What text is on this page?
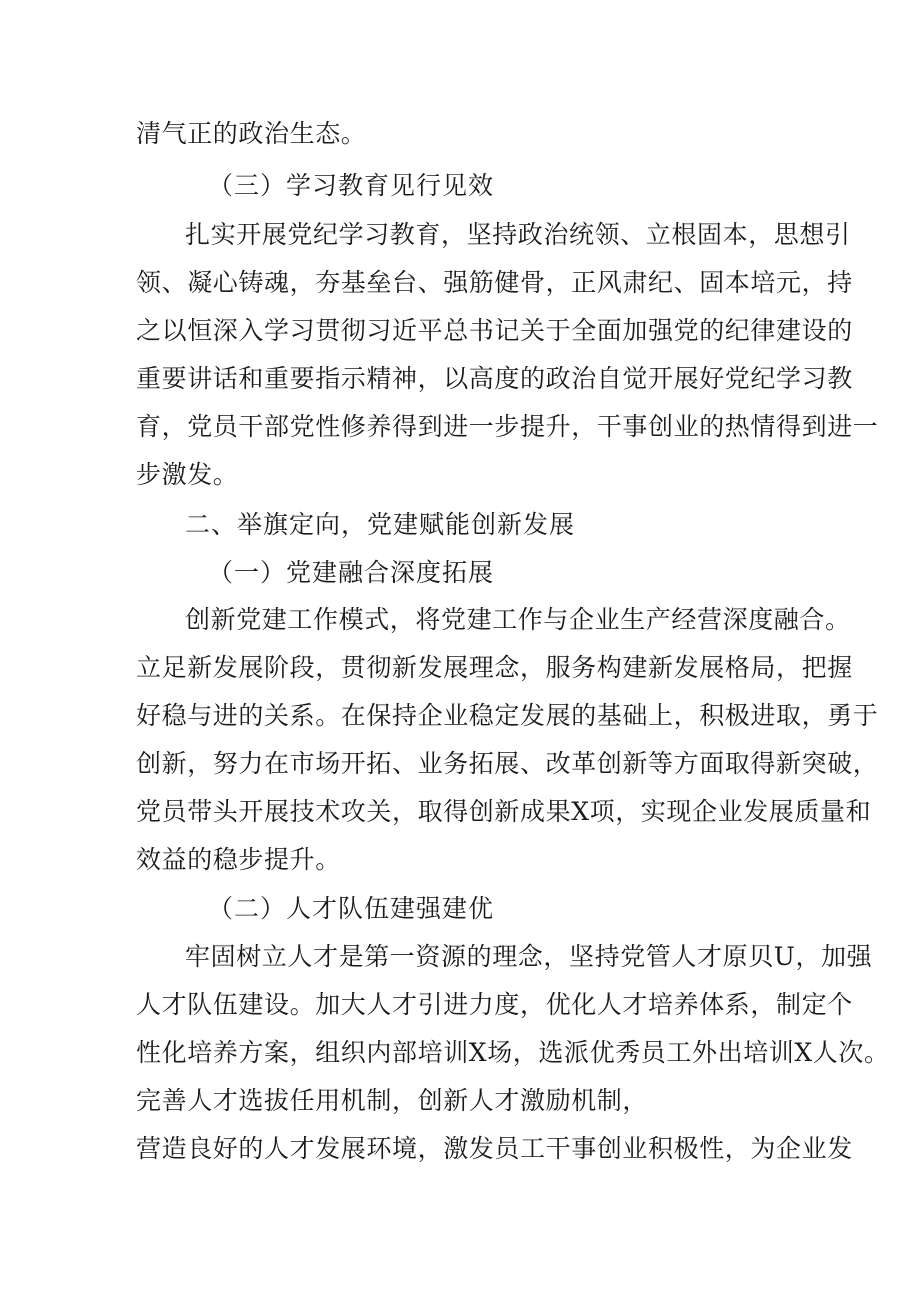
清气正的政治生态。
（三）学习教育见行见效
扎实开展党纪学习教育，坚持政治统领、立根固本，思想引
领、凝心铸魂，夯基垒台、强筋健骨，正风肃纪、固本培元，持
之以恒深入学习贯彻习近平总书记关于全面加强党的纪律建设的
重要讲话和重要指示精神，以高度的政治自觉开展好党纪学习教
育，党员干部党性修养得到进一步提升，干事创业的热情得到进一
步激发。
二、举旗定向，党建赋能创新发展
（一）党建融合深度拓展
创新党建工作模式，将党建工作与企业生产经营深度融合。
立足新发展阶段，贯彻新发展理念，服务构建新发展格局，把握
好稳与进的关系。在保持企业稳定发展的基础上，积极进取，勇于
创新，努力在市场开拓、业务拓展、改革创新等方面取得新突破，
党员带头开展技术攻关，取得创新成果X项，实现企业发展质量和
效益的稳步提升。
（二）人才队伍建强建优
牢固树立人才是第一资源的理念，坚持党管人才原贝U，加强
人才队伍建设。加大人才引进力度，优化人才培养体系，制定个
性化培养方案，组织内部培训X场，选派优秀员工外出培训X人次。
完善人才选拔任用机制，创新人才激励机制，
营造良好的人才发展环境，激发员工干事创业积极性，为企业发
